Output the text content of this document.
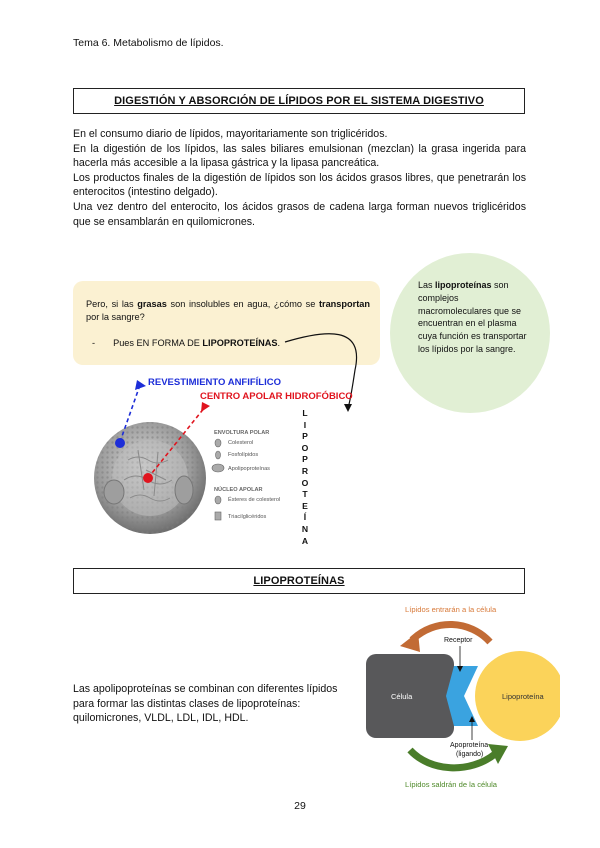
Tema 6. Metabolismo de lípidos.
DIGESTIÓN Y ABSORCIÓN DE LÍPIDOS POR EL SISTEMA DIGESTIVO

En el consumo diario de lípidos, mayoritariamente son triglicéridos.

En la digestión de los lípidos, las sales biliares emulsionan (mezclan) la grasa ingerida para hacerla más accesible a la lipasa gástrica y la lipasa pancreática.

Los productos finales de la digestión de lípidos son los ácidos grasos libres, que penetrarán los enterocitos (intestino delgado).

Una vez dentro del enterocito, los ácidos grasos de cadena larga forman nuevos triglicéridos que se ensamblarán en quilomicrones.

Pero, si las grasas son insolubles en agua, ¿cómo se transportan por la sangre?
- Pues EN FORMA DE LIPOPROTEÍNAS.
Las lipoproteínas son complejos macromoleculares que se encuentran en el plasma cuya función es transportar los lípidos por la sangre.
REVESTIMIENTO ANFIFÍLICO
CENTRO APOLAR HIDROFÓBICO
ENVOLTURA POLAR
Colesterol
Fosfolípidos
Apolipoproteínas
NÚCLEO APOLAR
Ésteres de colesterol
Triacilglicéridos
L
I
P
O
P
R
O
T
E
Í
N
A
LIPOPROTEÍNAS
Las apolipoproteínas se combinan con diferentes lípidos para formar las distintas clases de lipoproteínas: quilomicrones, VLDL, LDL, IDL, HDL.
Lípidos entrarán a la célula
Receptor
Célula	Lipoproteína
Apoproteína
(ligando)
Lípidos saldrán de la célula
29
